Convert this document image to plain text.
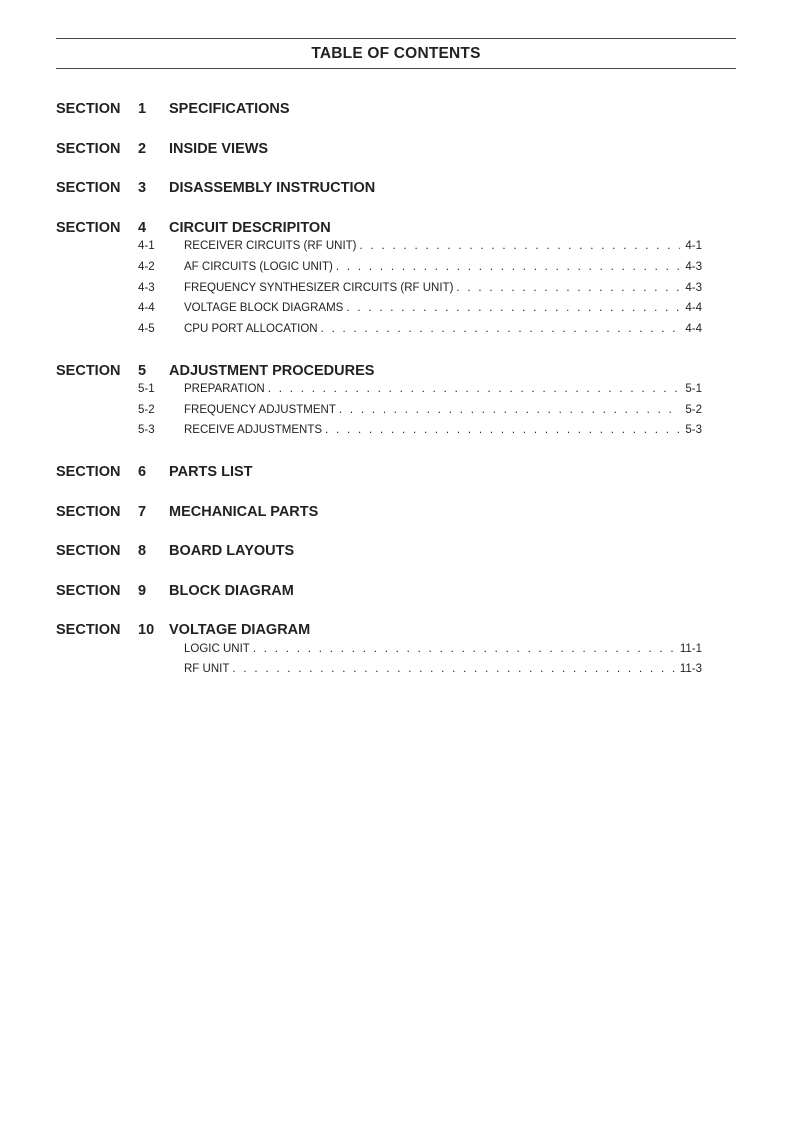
TABLE OF CONTENTS
SECTION 1 SPECIFICATIONS
SECTION 2 INSIDE VIEWS
SECTION 3 DISASSEMBLY INSTRUCTION
SECTION 4 CIRCUIT DESCRIPITON
4-1	RECEIVER CIRCUITS (RF UNIT) . . .	4-1
4-2	AF CIRCUITS (LOGIC UNIT) . . .	4-3
4-3	FREQUENCY SYNTHESIZER CIRCUITS (RF UNIT) . . .	4-3
4-4	VOLTAGE BLOCK DIAGRAMS . . .	4-4
4-5	CPU PORT ALLOCATION . . .	4-4
SECTION 5 ADJUSTMENT PROCEDURES
5-1	PREPARATION . . .	5-1
5-2	FREQUENCY ADJUSTMENT . . .	5-2
5-3	RECEIVE ADJUSTMENTS . . .	5-3
SECTION 6 PARTS LIST
SECTION 7 MECHANICAL PARTS
SECTION 8 BOARD LAYOUTS
SECTION 9 BLOCK DIAGRAM
SECTION 10 VOLTAGE DIAGRAM
LOGIC UNIT . . .	11-1
RF UNIT . . .	11-3
